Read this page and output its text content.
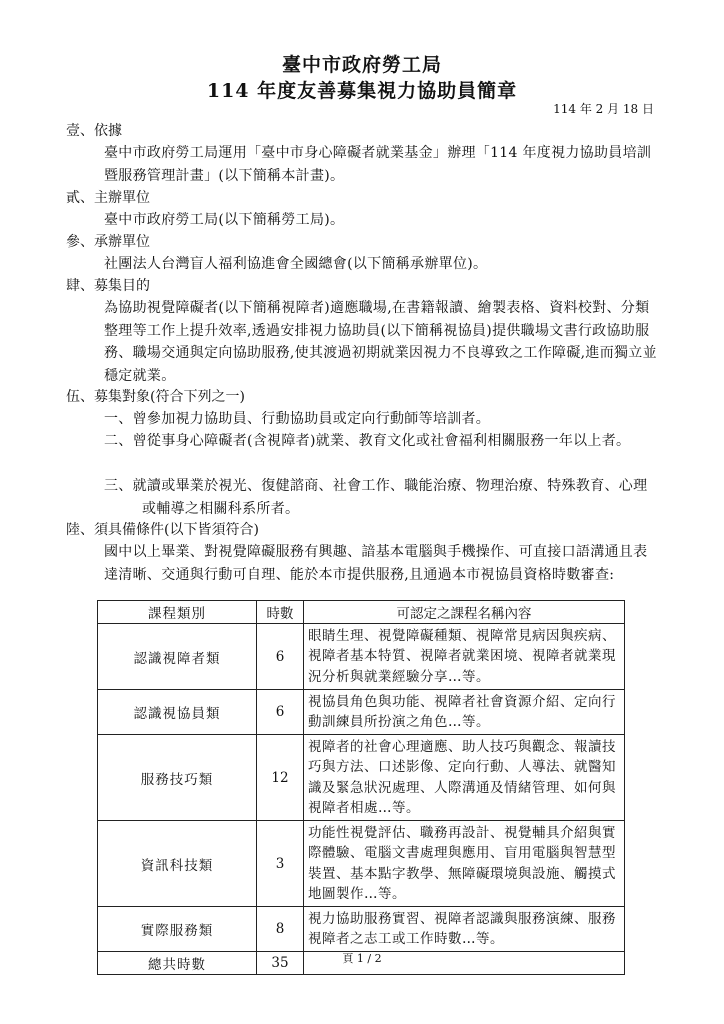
臺中市政府勞工局
114 年度友善募集視力協助員簡章
114 年 2 月 18 日
壹、依據
臺中市政府勞工局運用「臺中市身心障礙者就業基金」辦理「114 年度視力協助員培訓暨服務管理計畫」(以下簡稱本計畫)。
貳、主辦單位
臺中市政府勞工局(以下簡稱勞工局)。
參、承辦單位
社團法人台灣盲人福利協進會全國總會(以下簡稱承辦單位)。
肆、募集目的
為協助視覺障礙者(以下簡稱視障者)適應職場,在書籍報讀、繪製表格、資料校對、分類整理等工作上提升效率,透過安排視力協助員(以下簡稱視協員)提供職場文書行政協助服務、職場交通與定向協助服務,使其渡過初期就業因視力不良導致之工作障礙,進而獨立並穩定就業。
伍、募集對象(符合下列之一)
一、曾參加視力協助員、行動協助員或定向行動師等培訓者。
二、曾從事身心障礙者(含視障者)就業、教育文化或社會福利相關服務一年以上者。
三、就讀或畢業於視光、復健諮商、社會工作、職能治療、物理治療、特殊教育、心理或輔導之相關科系所者。
陸、須具備條件(以下皆須符合)
國中以上畢業、對視覺障礙服務有興趣、諳基本電腦與手機操作、可直接口語溝通且表達清晰、交通與行動可自理、能於本市提供服務,且通過本市視協員資格時數審查:
課程類別	時數	可認定之課程名稱內容
認識視障者類	6	眼睛生理、視覺障礙種類、視障常見病因與疾病、視障者基本特質、視障者就業困境、視障者就業現況分析與就業經驗分享…等。
認識視協員類	6	視協員角色與功能、視障者社會資源介紹、定向行動訓練員所扮演之角色…等。
服務技巧類	12	視障者的社會心理適應、助人技巧與觀念、報讀技巧與方法、口述影像、定向行動、人導法、就醫知識及緊急狀況處理、人際溝通及情緒管理、如何與視障者相處…等。
資訊科技類	3	功能性視覺評估、職務再設計、視覺輔具介紹與實際體驗、電腦文書處理與應用、盲用電腦與智慧型裝置、基本點字教學、無障礙環境與設施、觸摸式地圖製作…等。
實際服務類	8	視力協助服務實習、視障者認識與服務演練、服務視障者之志工或工作時數…等。
總共時數	35		頁 1 / 2
